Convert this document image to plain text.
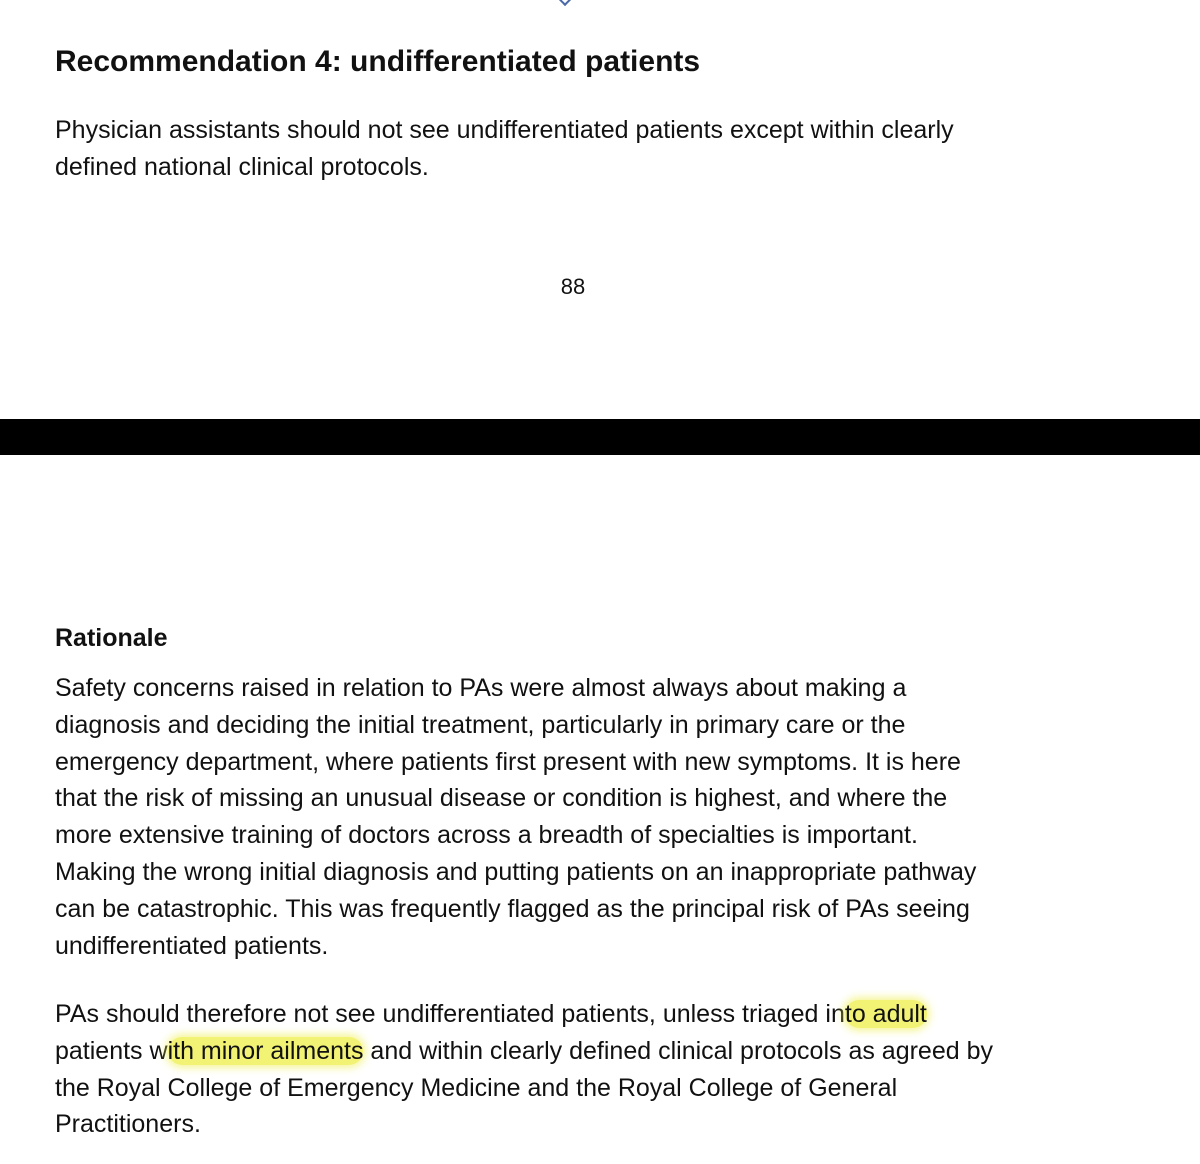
Recommendation 4: undifferentiated patients

Physician assistants should not see undifferentiated patients except within clearly
defined national clinical protocols.

88

Rationale

Safety concerns raised in relation to PAs were almost always about making a
diagnosis and deciding the initial treatment, particularly in primary care or the
emergency department, where patients first present with new symptoms. It is here
that the risk of missing an unusual disease or condition is highest, and where the
more extensive training of doctors across a breadth of specialties is important.
Making the wrong initial diagnosis and putting patients on an inappropriate pathway
can be catastrophic. This was frequently flagged as the principal risk of PAs seeing
undifferentiated patients.

PAs should therefore not see undifferentiated patients, unless triaged into adult
patients with minor ailments and within clearly defined clinical protocols as agreed by
the Royal College of Emergency Medicine and the Royal College of General
Practitioners.
